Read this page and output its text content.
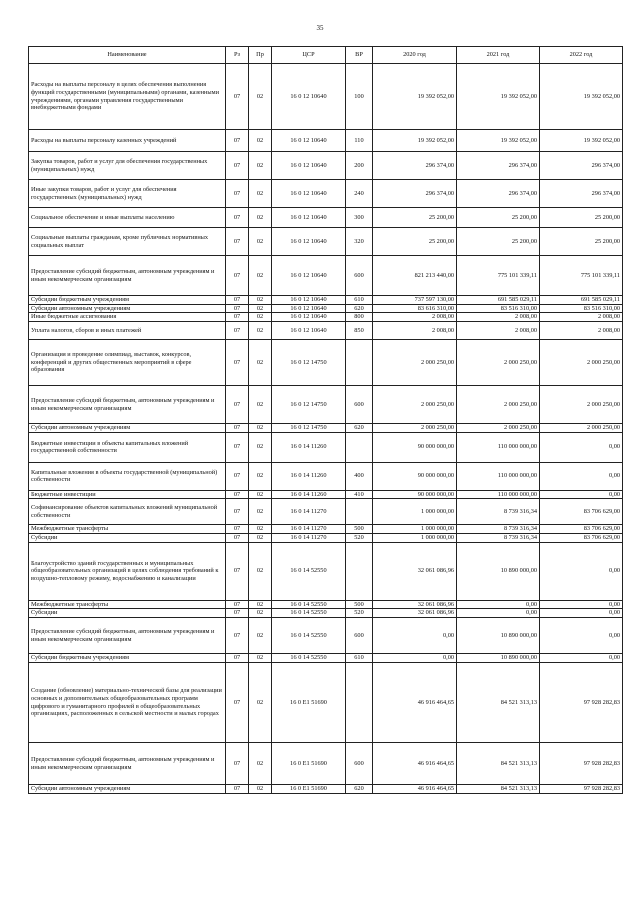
35
Наименование	Рз	Пр	ЦСР	ВР	2020 год	2021 год	2022 год
Расходы на выплаты персоналу в целях обеспечения выполнения функций государственными (муниципальными) органами, казенными учреждениями, органами управления государственными внебюджетными фондами	07	02	16 0 12 10640	100	19 392 052,00	19 392 052,00	19 392 052,00
Расходы на выплаты персоналу казенных учреждений	07	02	16 0 12 10640	110	19 392 052,00	19 392 052,00	19 392 052,00
Закупка товаров, работ и услуг для обеспечения государственных (муниципальных) нужд	07	02	16 0 12 10640	200	296 374,00	296 374,00	296 374,00
Иные закупки товаров, работ и услуг для обеспечения государственных (муниципальных) нужд	07	02	16 0 12 10640	240	296 374,00	296 374,00	296 374,00
Социальное обеспечение и иные выплаты населению	07	02	16 0 12 10640	300	25 200,00	25 200,00	25 200,00
Социальные выплаты гражданам, кроме публичных нормативных социальных выплат	07	02	16 0 12 10640	320	25 200,00	25 200,00	25 200,00
Предоставление субсидий бюджетным, автономным учреждениям и иным некоммерческим организациям	07	02	16 0 12 10640	600	821 213 440,00	775 101 339,11	775 101 339,11
Субсидии бюджетным учреждениям	07	02	16 0 12 10640	610	737 597 130,00	691 585 029,11	691 585 029,11
Субсидии автономным учреждениям	07	02	16 0 12 10640	620	83 616 310,00	83 516 310,00	83 516 310,00
Иные бюджетные ассигнования	07	02	16 0 12 10640	800	2 008,00	2 008,00	2 008,00
Уплата налогов, сборов и иных платежей	07	02	16 0 12 10640	850	2 008,00	2 008,00	2 008,00
Организация и проведение олимпиад, выставок, конкурсов, конференций и других общественных мероприятий в сфере образования	07	02	16 0 12 14750		2 000 250,00	2 000 250,00	2 000 250,00
Предоставление субсидий бюджетным, автономным учреждениям и иным некоммерческим организациям	07	02	16 0 12 14750	600	2 000 250,00	2 000 250,00	2 000 250,00
Субсидии автономным учреждениям	07	02	16 0 12 14750	620	2 000 250,00	2 000 250,00	2 000 250,00
Бюджетные инвестиции в объекты капитальных вложений государственной собственности	07	02	16 0 14 11260		90 000 000,00	110 000 000,00	0,00
Капитальные вложения в объекты государственной (муниципальной) собственности	07	02	16 0 14 11260	400	90 000 000,00	110 000 000,00	0,00
Бюджетные инвестиции	07	02	16 0 14 11260	410	90 000 000,00	110 000 000,00	0,00
Софинансирование объектов капитальных вложений муниципальной собственности	07	02	16 0 14 11270		1 000 000,00	8 739 316,34	83 706 629,00
Межбюджетные трансферты	07	02	16 0 14 11270	500	1 000 000,00	8 739 316,34	83 706 629,00
Субсидии	07	02	16 0 14 11270	520	1 000 000,00	8 739 316,34	83 706 629,00
Благоустройство зданий государственных и муниципальных общеобразовательных организаций в целях соблюдения требований к воздушно-тепловому режиму, водоснабжению и канализации	07	02	16 0 14 52550		32 061 086,96	10 890 000,00	0,00
Межбюджетные трансферты	07	02	16 0 14 52550	500	32 061 086,96	0,00	0,00
Субсидии	07	02	16 0 14 52550	520	32 061 086,96	0,00	0,00
Предоставление субсидий бюджетным, автономным учреждениям и иным некоммерческим организациям	07	02	16 0 14 52550	600	0,00	10 890 000,00	0,00
Субсидии бюджетным учреждениям	07	02	16 0 14 52550	610	0,00	10 890 000,00	0,00
Создание (обновление) материально-технической базы для реализации основных и дополнительных общеобразовательных программ цифрового и гуманитарного профилей в общеобразовательных организациях, расположенных в сельской местности и малых городах	07	02	16 0 E1 51690		46 916 464,65	84 521 313,13	97 928 282,83
Предоставление субсидий бюджетным, автономным учреждениям и иным некоммерческим организациям	07	02	16 0 E1 51690	600	46 916 464,65	84 521 313,13	97 928 282,83
Субсидии автономным учреждениям	07	02	16 0 E1 51690	620	46 916 464,65	84 521 313,13	97 928 282,83
